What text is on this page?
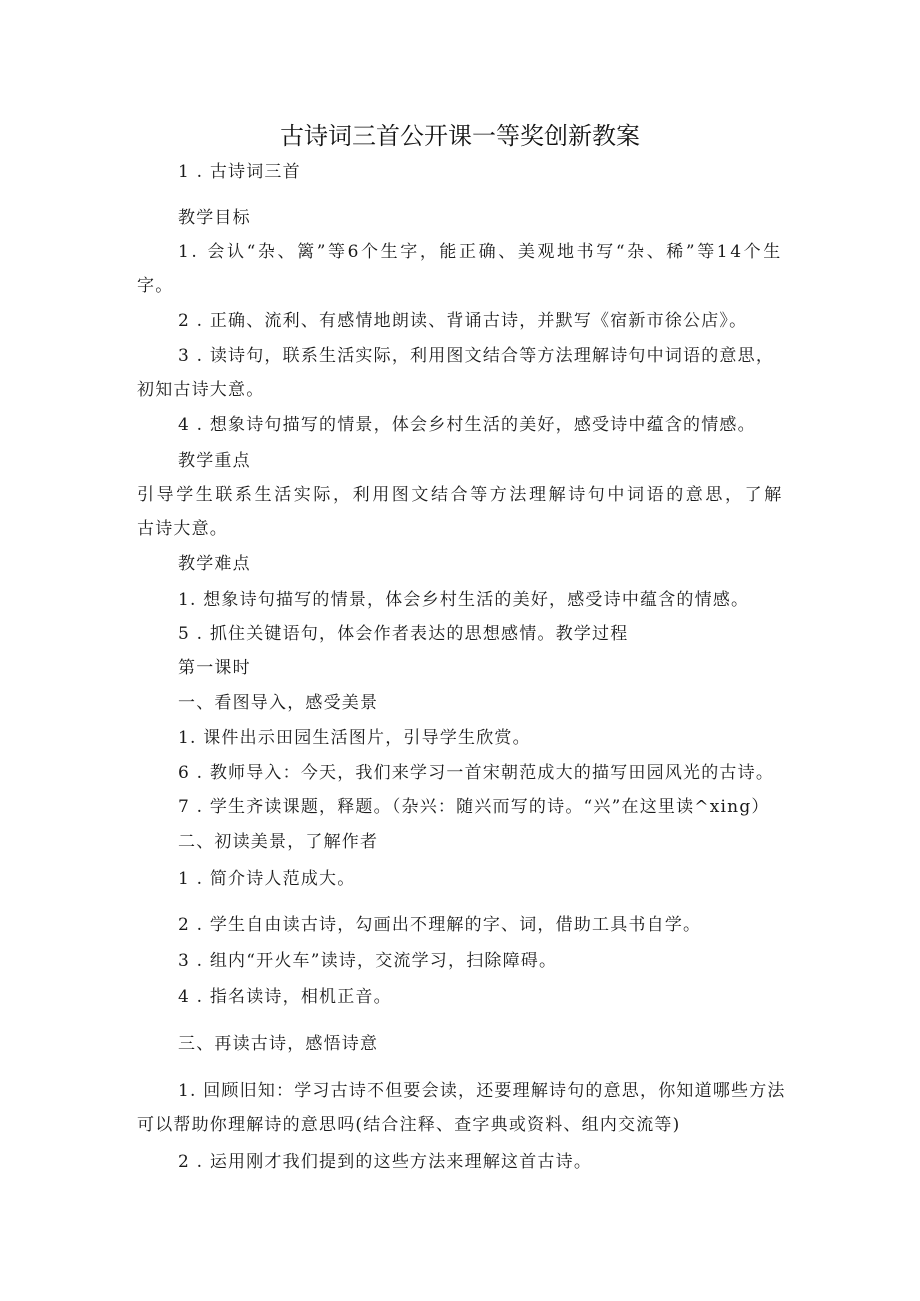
古诗词三首公开课一等奖创新教案
1 . 古诗词三首
教学目标
1. 会认“杂、篱”等6个生字，能正确、美观地书写“杂、稀”等14个生
字。
2 . 正确、流利、有感情地朗读、背诵古诗，并默写《宿新市徐公店》。
3 . 读诗句，联系生活实际，利用图文结合等方法理解诗句中词语的意思，
初知古诗大意。
4 . 想象诗句描写的情景，体会乡村生活的美好，感受诗中蕴含的情感。
教学重点
引导学生联系生活实际，利用图文结合等方法理解诗句中词语的意思，了解
古诗大意。
教学难点
1. 想象诗句描写的情景，体会乡村生活的美好，感受诗中蕴含的情感。
5 . 抓住关键语句，体会作者表达的思想感情。教学过程
第一课时
一、看图导入，感受美景
1. 课件出示田园生活图片，引导学生欣赏。
6 . 教师导入：今天，我们来学习一首宋朝范成大的描写田园风光的古诗。
7 . 学生齐读课题，释题。（杂兴：随兴而写的诗。“兴”在这里读^xing）
二、初读美景，了解作者
1 . 简介诗人范成大。
2 . 学生自由读古诗，勾画出不理解的字、词，借助工具书自学。
3 . 组内“开火车”读诗，交流学习，扫除障碍。
4 . 指名读诗，相机正音。
三、再读古诗，感悟诗意
1. 回顾旧知：学习古诗不但要会读，还要理解诗句的意思，你知道哪些方法
可以帮助你理解诗的意思吗(结合注释、查字典或资料、组内交流等)
2 . 运用刚才我们提到的这些方法来理解这首古诗。
